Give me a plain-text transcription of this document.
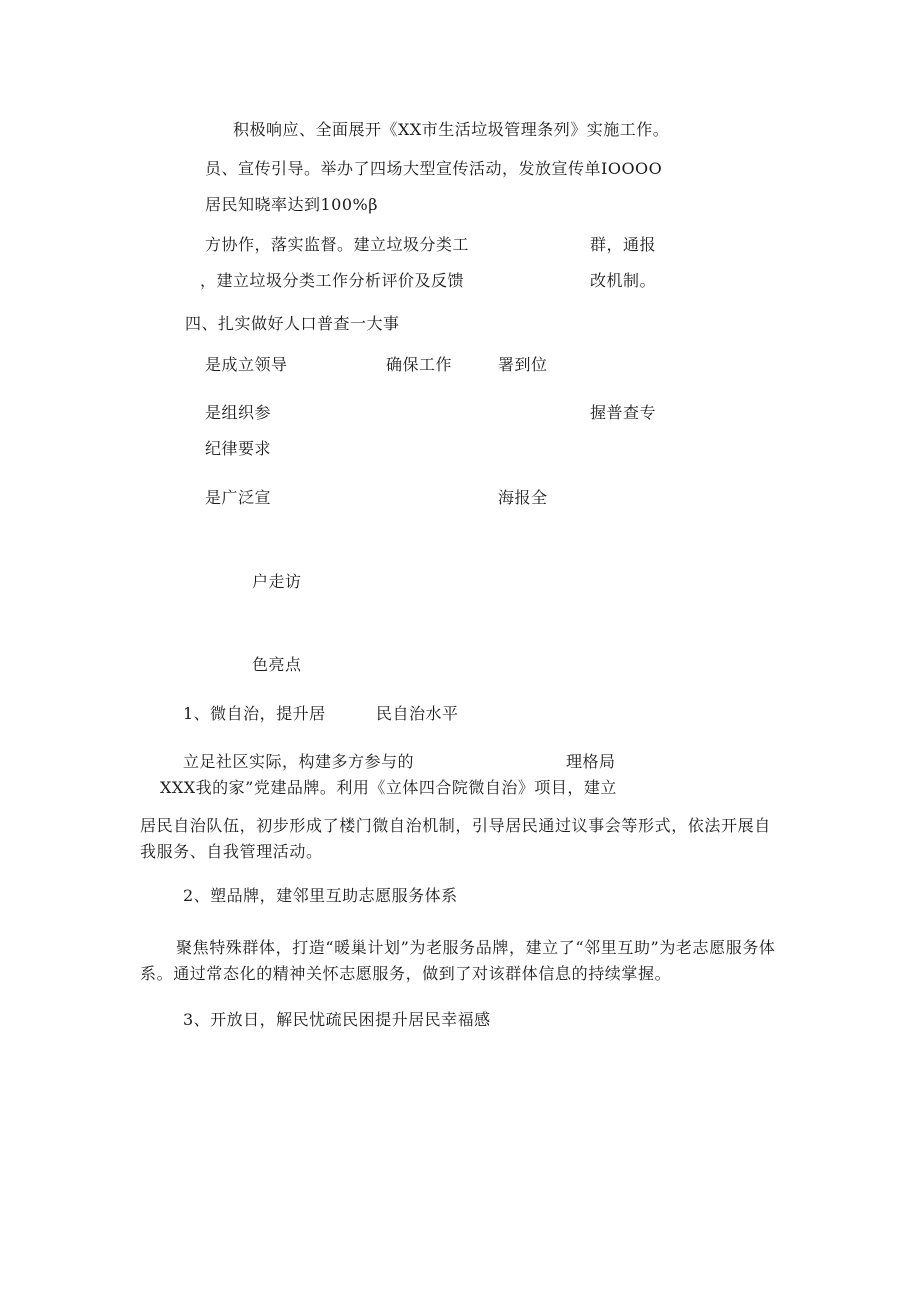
积极响应、全面展开《XX市生活垃圾管理条列》实施工作。
员、宣传引导。举办了四场大型宣传活动，发放宣传单IOOOO
居民知晓率达到100%β
方协作，落实监督。建立垃圾分类工	群，通报
，建立垃圾分类工作分析评价及反馈	改机制。
四、扎实做好人口普查一大事
是成立领导	确保工作	署到位
是组织参	握普查专
纪律要求
是广泛宣	海报全
户走访
色亮点
1、微自治，提升居	民自治水平
立足社区实际，构建多方参与的	理格局
XXX我的家”党建品牌。利用《立体四合院微自治》项目，建立
居民自治队伍，初步形成了楼门微自治机制，引导居民通过议事会等形式，依法开展自我服务、自我管理活动。
2、塑品牌，建邻里互助志愿服务体系
聚焦特殊群体，打造“暖巢计划”为老服务品牌，建立了“邻里互助”为老志愿服务体系。通过常态化的精神关怀志愿服务，做到了对该群体信息的持续掌握。
3、开放日，解民忧疏民困提升居民幸福感
